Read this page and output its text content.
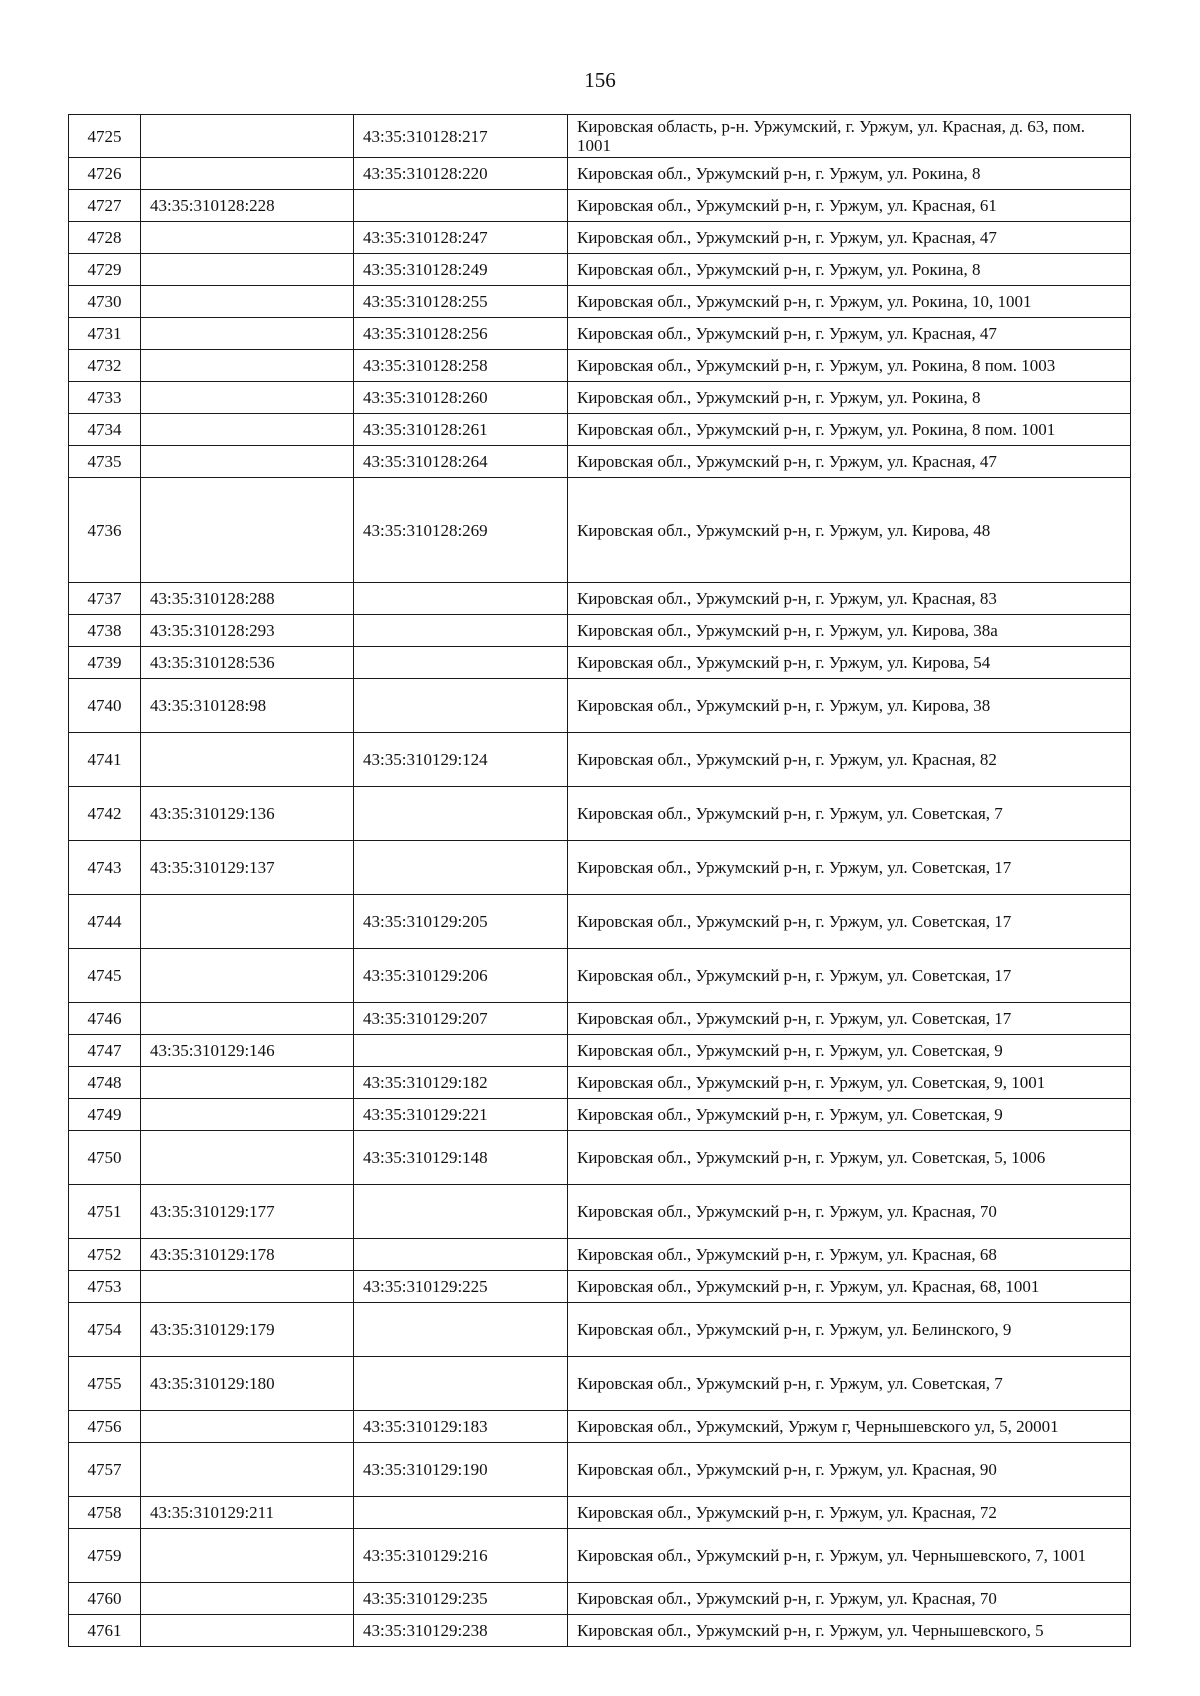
156
4725		43:35:310128:217	Кировская область, р-н. Уржумский, г. Уржум, ул. Красная, д. 63, пом. 1001
4726		43:35:310128:220	Кировская обл., Уржумский р-н, г. Уржум, ул. Рокина, 8
4727	43:35:310128:228		Кировская обл., Уржумский р-н, г. Уржум, ул. Красная, 61
4728		43:35:310128:247	Кировская обл., Уржумский р-н, г. Уржум, ул. Красная, 47
4729		43:35:310128:249	Кировская обл., Уржумский р-н, г. Уржум, ул. Рокина, 8
4730		43:35:310128:255	Кировская обл., Уржумский р-н, г. Уржум, ул. Рокина, 10, 1001
4731		43:35:310128:256	Кировская обл., Уржумский р-н, г. Уржум, ул. Красная, 47
4732		43:35:310128:258	Кировская обл., Уржумский р-н, г. Уржум, ул. Рокина, 8 пом. 1003
4733		43:35:310128:260	Кировская обл., Уржумский р-н, г. Уржум, ул. Рокина, 8
4734		43:35:310128:261	Кировская обл., Уржумский р-н, г. Уржум, ул. Рокина, 8 пом. 1001
4735		43:35:310128:264	Кировская обл., Уржумский р-н, г. Уржум, ул. Красная, 47
4736		43:35:310128:269	Кировская обл., Уржумский р-н, г. Уржум, ул. Кирова, 48
4737	43:35:310128:288		Кировская обл., Уржумский р-н, г. Уржум, ул. Красная, 83
4738	43:35:310128:293		Кировская обл., Уржумский р-н, г. Уржум, ул. Кирова, 38а
4739	43:35:310128:536		Кировская обл., Уржумский р-н, г. Уржум, ул. Кирова, 54
4740	43:35:310128:98		Кировская обл., Уржумский р-н, г. Уржум, ул. Кирова, 38
4741		43:35:310129:124	Кировская обл., Уржумский р-н, г. Уржум, ул. Красная, 82
4742	43:35:310129:136		Кировская обл., Уржумский р-н, г. Уржум, ул. Советская, 7
4743	43:35:310129:137		Кировская обл., Уржумский р-н, г. Уржум, ул. Советская, 17
4744		43:35:310129:205	Кировская обл., Уржумский р-н, г. Уржум, ул. Советская, 17
4745		43:35:310129:206	Кировская обл., Уржумский р-н, г. Уржум, ул. Советская, 17
4746		43:35:310129:207	Кировская обл., Уржумский р-н, г. Уржум, ул. Советская, 17
4747	43:35:310129:146		Кировская обл., Уржумский р-н, г. Уржум, ул. Советская, 9
4748		43:35:310129:182	Кировская обл., Уржумский р-н, г. Уржум, ул. Советская, 9, 1001
4749		43:35:310129:221	Кировская обл., Уржумский р-н, г. Уржум, ул. Советская, 9
4750		43:35:310129:148	Кировская обл., Уржумский р-н, г. Уржум, ул. Советская, 5, 1006
4751	43:35:310129:177		Кировская обл., Уржумский р-н, г. Уржум, ул. Красная, 70
4752	43:35:310129:178		Кировская обл., Уржумский р-н, г. Уржум, ул. Красная, 68
4753		43:35:310129:225	Кировская обл., Уржумский р-н, г. Уржум, ул. Красная, 68, 1001
4754	43:35:310129:179		Кировская обл., Уржумский р-н, г. Уржум, ул. Белинского, 9
4755	43:35:310129:180		Кировская обл., Уржумский р-н, г. Уржум, ул. Советская, 7
4756		43:35:310129:183	Кировская обл., Уржумский, Уржум г, Чернышевского ул, 5, 20001
4757		43:35:310129:190	Кировская обл., Уржумский р-н, г. Уржум, ул. Красная, 90
4758	43:35:310129:211		Кировская обл., Уржумский р-н, г. Уржум, ул. Красная, 72
4759		43:35:310129:216	Кировская обл., Уржумский р-н, г. Уржум, ул. Чернышевского, 7, 1001
4760		43:35:310129:235	Кировская обл., Уржумский р-н, г. Уржум, ул. Красная, 70
4761		43:35:310129:238	Кировская обл., Уржумский р-н, г. Уржум, ул. Чернышевского, 5
